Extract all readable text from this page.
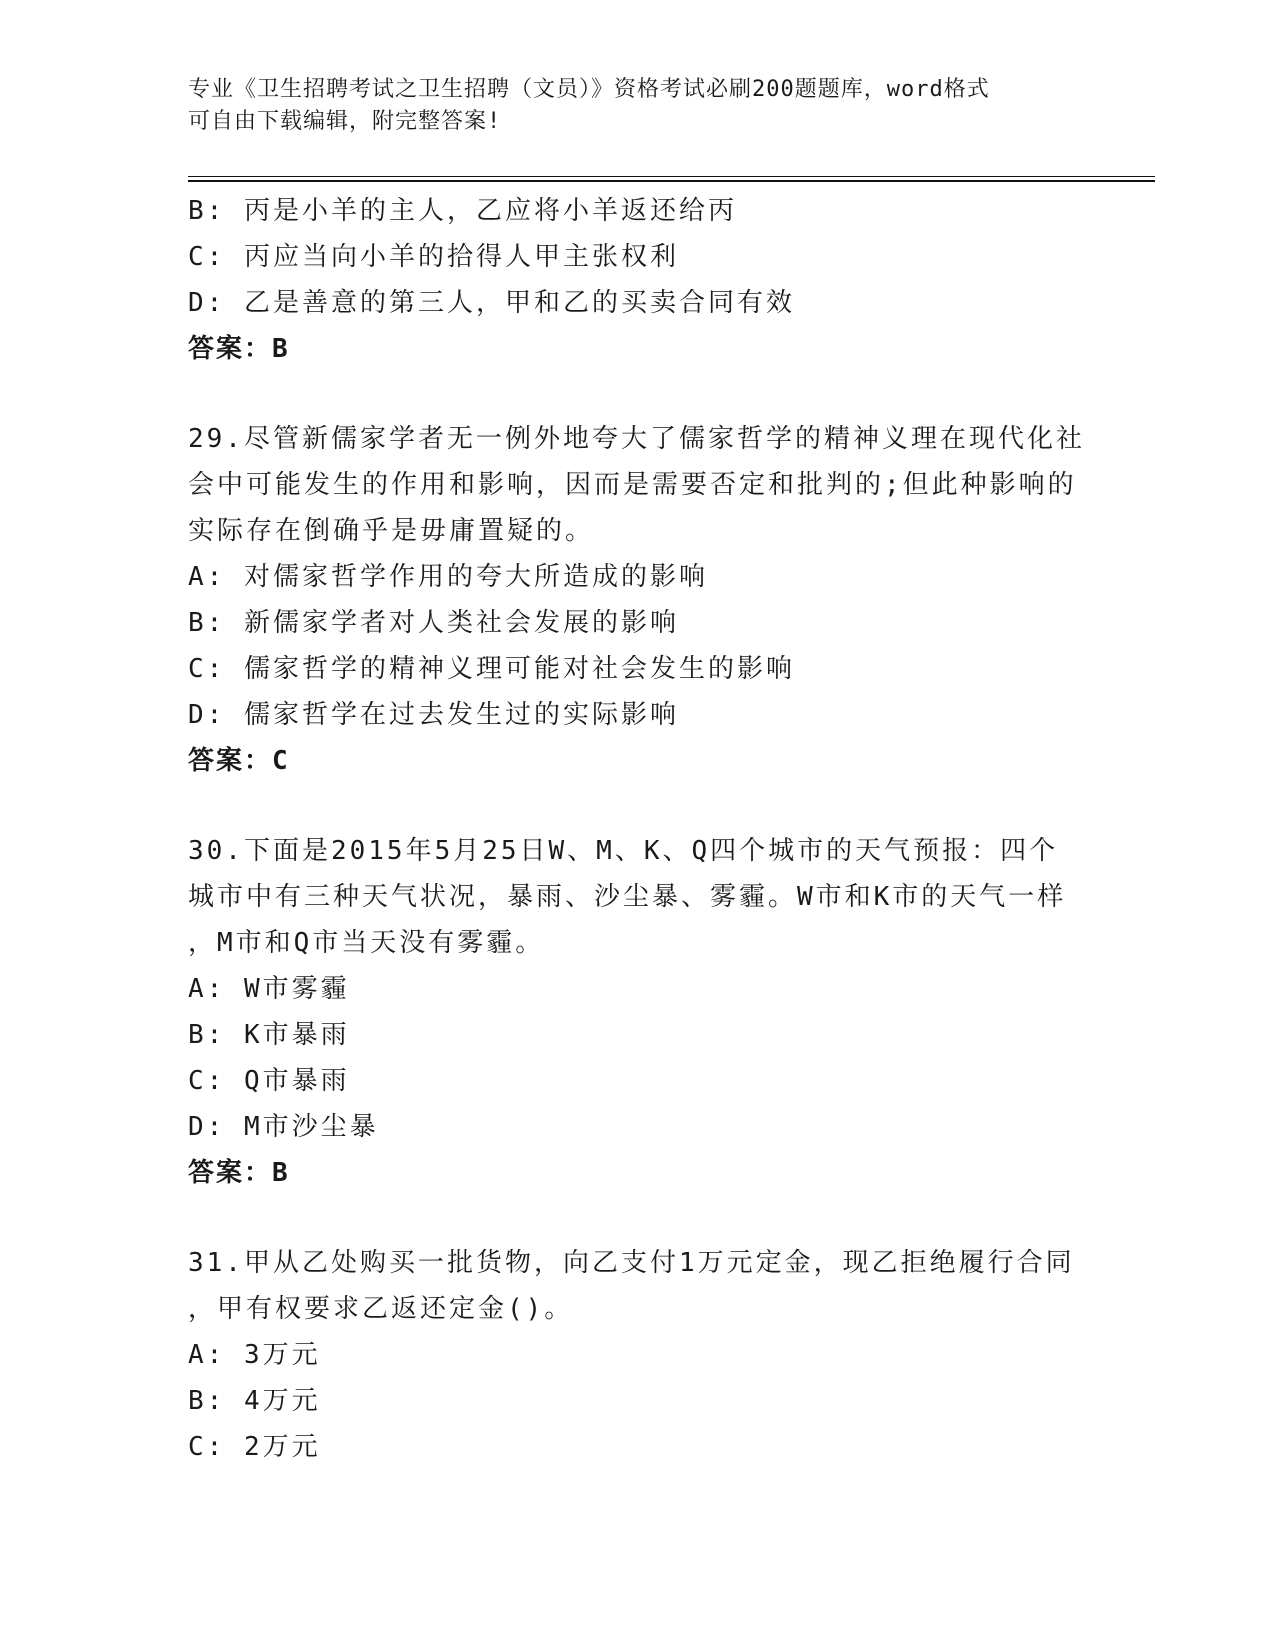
专业《卫生招聘考试之卫生招聘（文员）》资格考试必刷200题题库，word格式
可自由下载编辑，附完整答案!
B: 丙是小羊的主人，乙应将小羊返还给丙
C: 丙应当向小羊的拾得人甲主张权利
D: 乙是善意的第三人，甲和乙的买卖合同有效
答案：B
29.尽管新儒家学者无一例外地夸大了儒家哲学的精神义理在现代化社
会中可能发生的作用和影响，因而是需要否定和批判的;但此种影响的
实际存在倒确乎是毋庸置疑的。
A: 对儒家哲学作用的夸大所造成的影响
B: 新儒家学者对人类社会发展的影响
C: 儒家哲学的精神义理可能对社会发生的影响
D: 儒家哲学在过去发生过的实际影响
答案：C
30.下面是2015年5月25日W、M、K、Q四个城市的天气预报：四个
城市中有三种天气状况，暴雨、沙尘暴、雾霾。W市和K市的天气一样
，M市和Q市当天没有雾霾。
A: W市雾霾
B: K市暴雨
C: Q市暴雨
D: M市沙尘暴
答案：B
31.甲从乙处购买一批货物，向乙支付1万元定金，现乙拒绝履行合同
，甲有权要求乙返还定金()。
A: 3万元
B: 4万元
C: 2万元
